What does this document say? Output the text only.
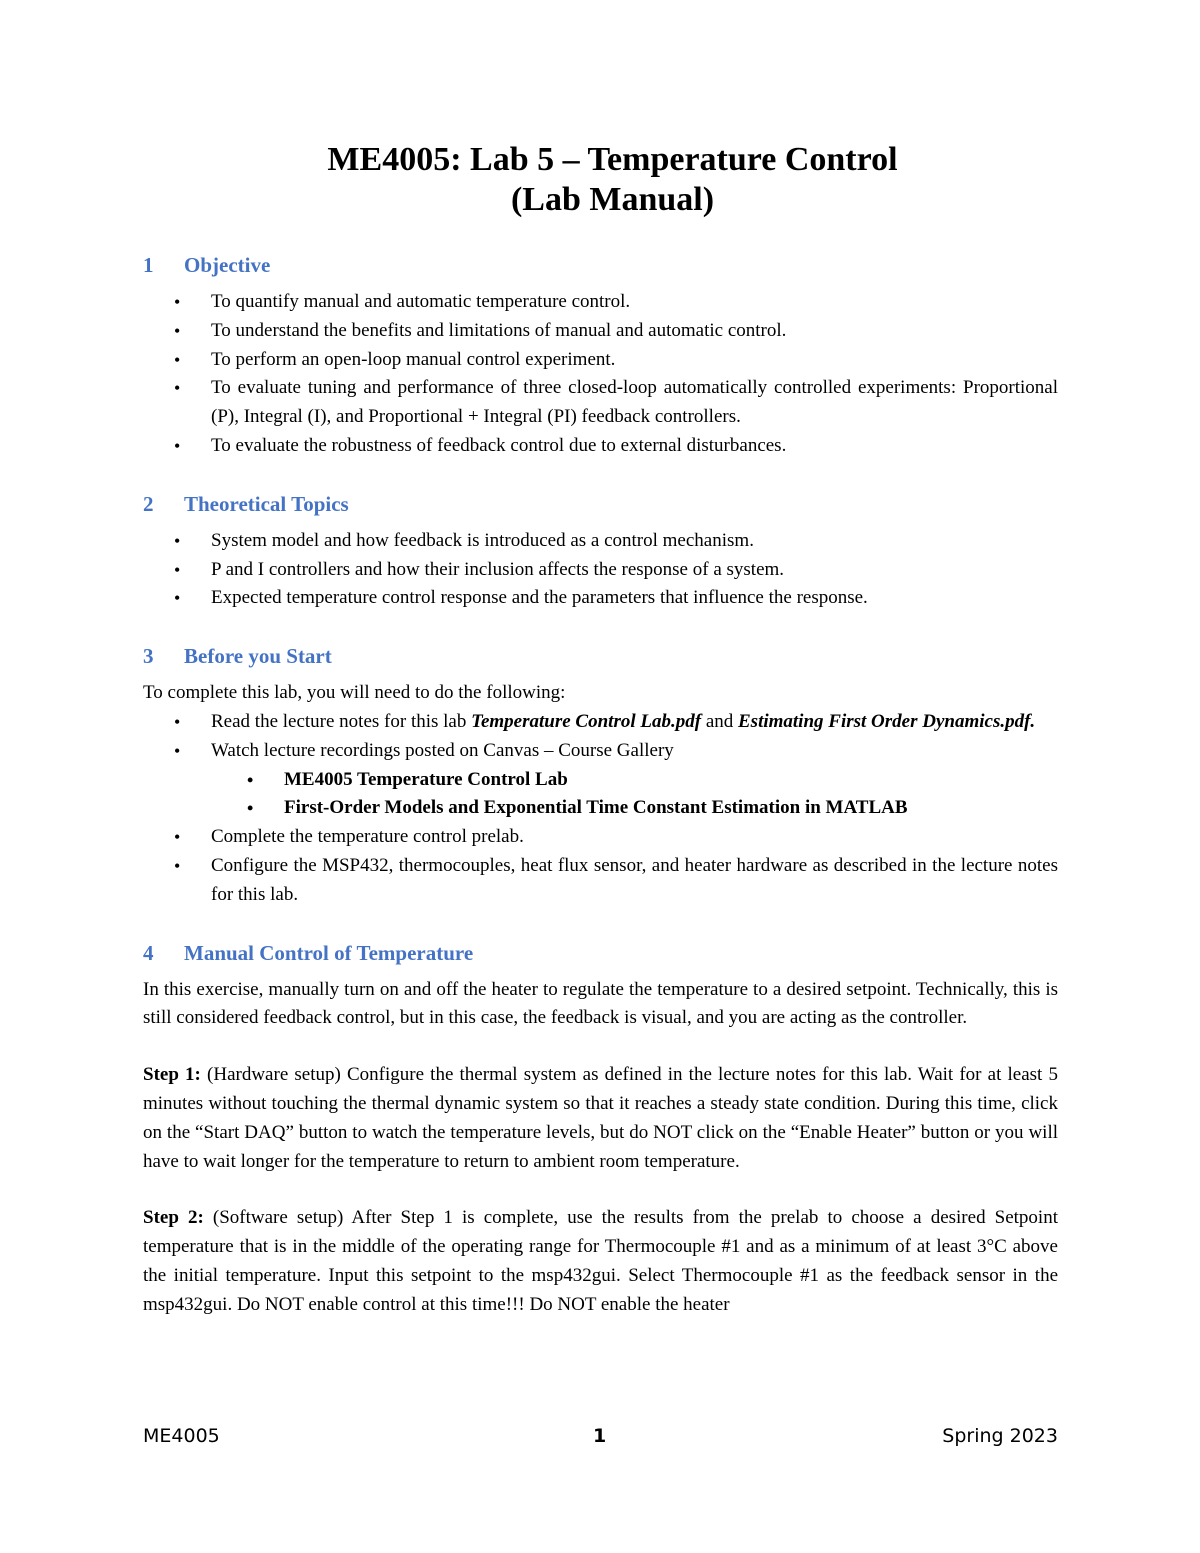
ME4005: Lab 5 – Temperature Control
(Lab Manual)
1	Objective
• To quantify manual and automatic temperature control.
• To understand the benefits and limitations of manual and automatic control.
• To perform an open-loop manual control experiment.
• To evaluate tuning and performance of three closed-loop automatically controlled experiments: Proportional (P), Integral (I), and Proportional + Integral (PI) feedback controllers.
• To evaluate the robustness of feedback control due to external disturbances.
2	Theoretical Topics
• System model and how feedback is introduced as a control mechanism.
• P and I controllers and how their inclusion affects the response of a system.
• Expected temperature control response and the parameters that influence the response.
3	Before you Start

To complete this lab, you will need to do the following:

• Read the lecture notes for this lab Temperature Control Lab.pdf and Estimating First Order Dynamics.pdf.
• Watch lecture recordings posted on Canvas – Course Gallery
• ME4005 Temperature Control Lab
• First-Order Models and Exponential Time Constant Estimation in MATLAB
• Complete the temperature control prelab.
• Configure the MSP432, thermocouples, heat flux sensor, and heater hardware as described in the lecture notes for this lab.
4	Manual Control of Temperature

In this exercise, manually turn on and off the heater to regulate the temperature to a desired setpoint. Technically, this is still considered feedback control, but in this case, the feedback is visual, and you are acting as the controller.

Step 1: (Hardware setup) Configure the thermal system as defined in the lecture notes for this lab. Wait for at least 5 minutes without touching the thermal dynamic system so that it reaches a steady state condition. During this time, click on the “Start DAQ” button to watch the temperature levels, but do NOT click on the “Enable Heater” button or you will have to wait longer for the temperature to return to ambient room temperature.

Step 2: (Software setup) After Step 1 is complete, use the results from the prelab to choose a desired Setpoint temperature that is in the middle of the operating range for Thermocouple #1 and as a minimum of at least 3°C above the initial temperature. Input this setpoint to the msp432gui. Select Thermocouple #1 as the feedback sensor in the msp432gui. Do NOT enable control at this time!!! Do NOT enable the heater

ME4005	1	Spring 2023
